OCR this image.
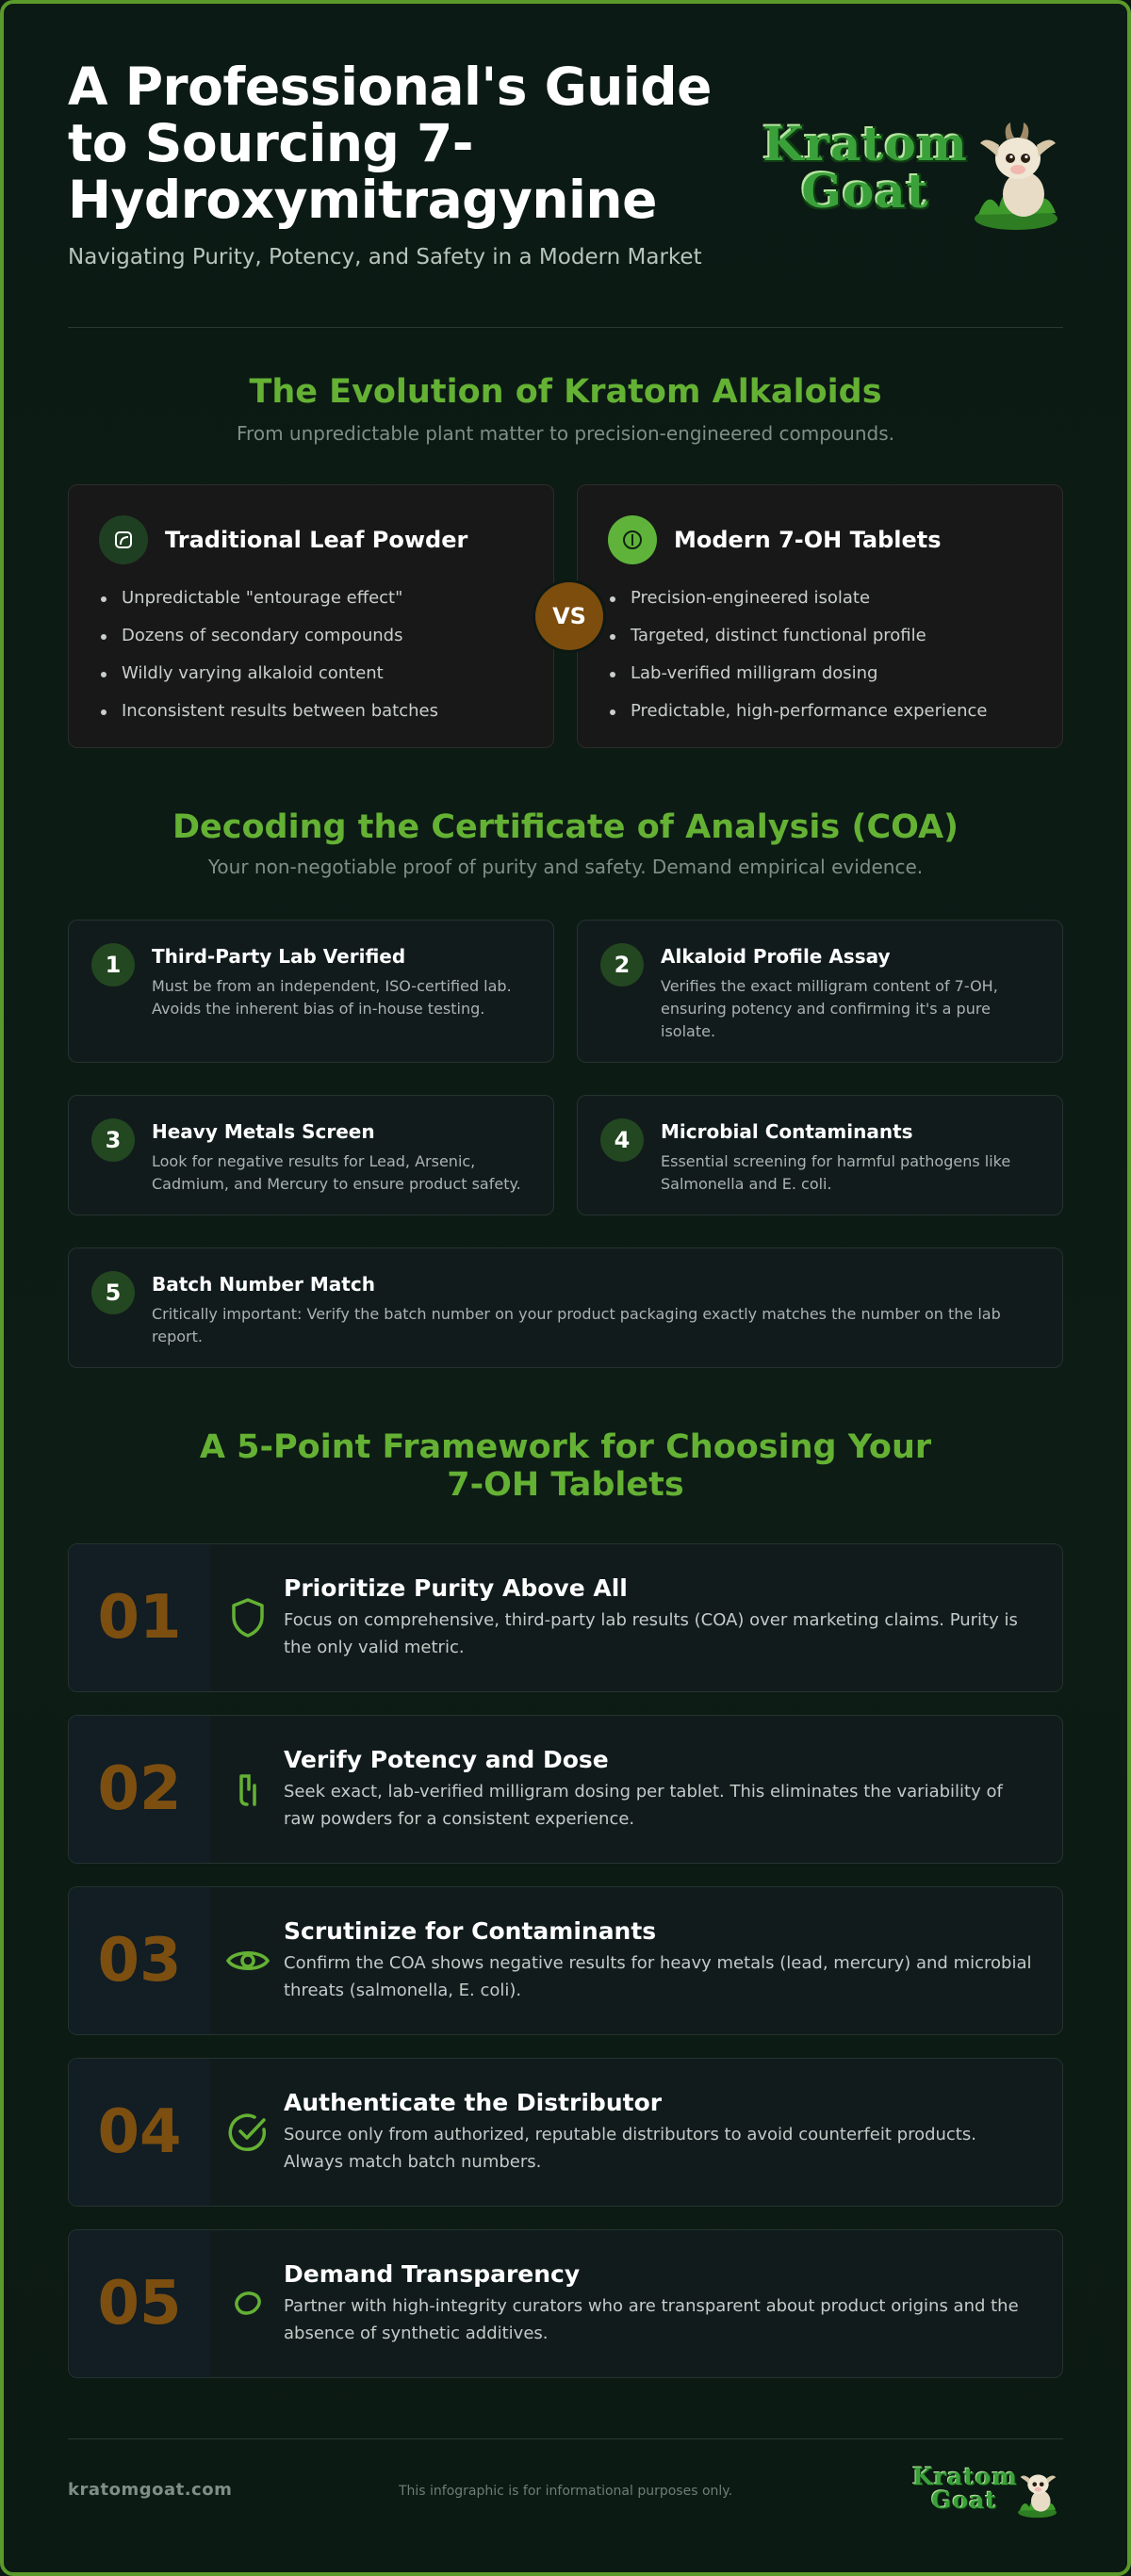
A Professional's Guide to Sourcing 7-Hydroxymitragynine
Navigating Purity, Potency, and Safety in a Modern Market
Kratom
Goat
The Evolution of Kratom Alkaloids
From unpredictable plant matter to precision-engineered compounds.
Traditional Leaf Powder
Unpredictable "entourage effect"
Dozens of secondary compounds
Wildly varying alkaloid content
Inconsistent results between batches
VS
Modern 7-OH Tablets
Precision-engineered isolate
Targeted, distinct functional profile
Lab-verified milligram dosing
Predictable, high-performance experience
Decoding the Certificate of Analysis (COA)
Your non-negotiable proof of purity and safety. Demand empirical evidence.
1	Third-Party Lab Verified
Must be from an independent, ISO-certified lab. Avoids the inherent bias of in-house testing.
2	Alkaloid Profile Assay
Verifies the exact milligram content of 7-OH, ensuring potency and confirming it's a pure isolate.
3	Heavy Metals Screen
Look for negative results for Lead, Arsenic, Cadmium, and Mercury to ensure product safety.
4	Microbial Contaminants
Essential screening for harmful pathogens like Salmonella and E. coli.
5	Batch Number Match
Critically important: Verify the batch number on your product packaging exactly matches the number on the lab report.
A 5-Point Framework for Choosing Your 7-OH Tablets
01	Prioritize Purity Above All
Focus on comprehensive, third-party lab results (COA) over marketing claims. Purity is the only valid metric.
02	Verify Potency and Dose
Seek exact, lab-verified milligram dosing per tablet. This eliminates the variability of raw powders for a consistent experience.
03	Scrutinize for Contaminants
Confirm the COA shows negative results for heavy metals (lead, mercury) and microbial threats (salmonella, E. coli).
04	Authenticate the Distributor
Source only from authorized, reputable distributors to avoid counterfeit products. Always match batch numbers.
05	Demand Transparency
Partner with high-integrity curators who are transparent about product origins and the absence of synthetic additives.
kratomgoat.com	This infographic is for informational purposes only.
Kratom
Goat
